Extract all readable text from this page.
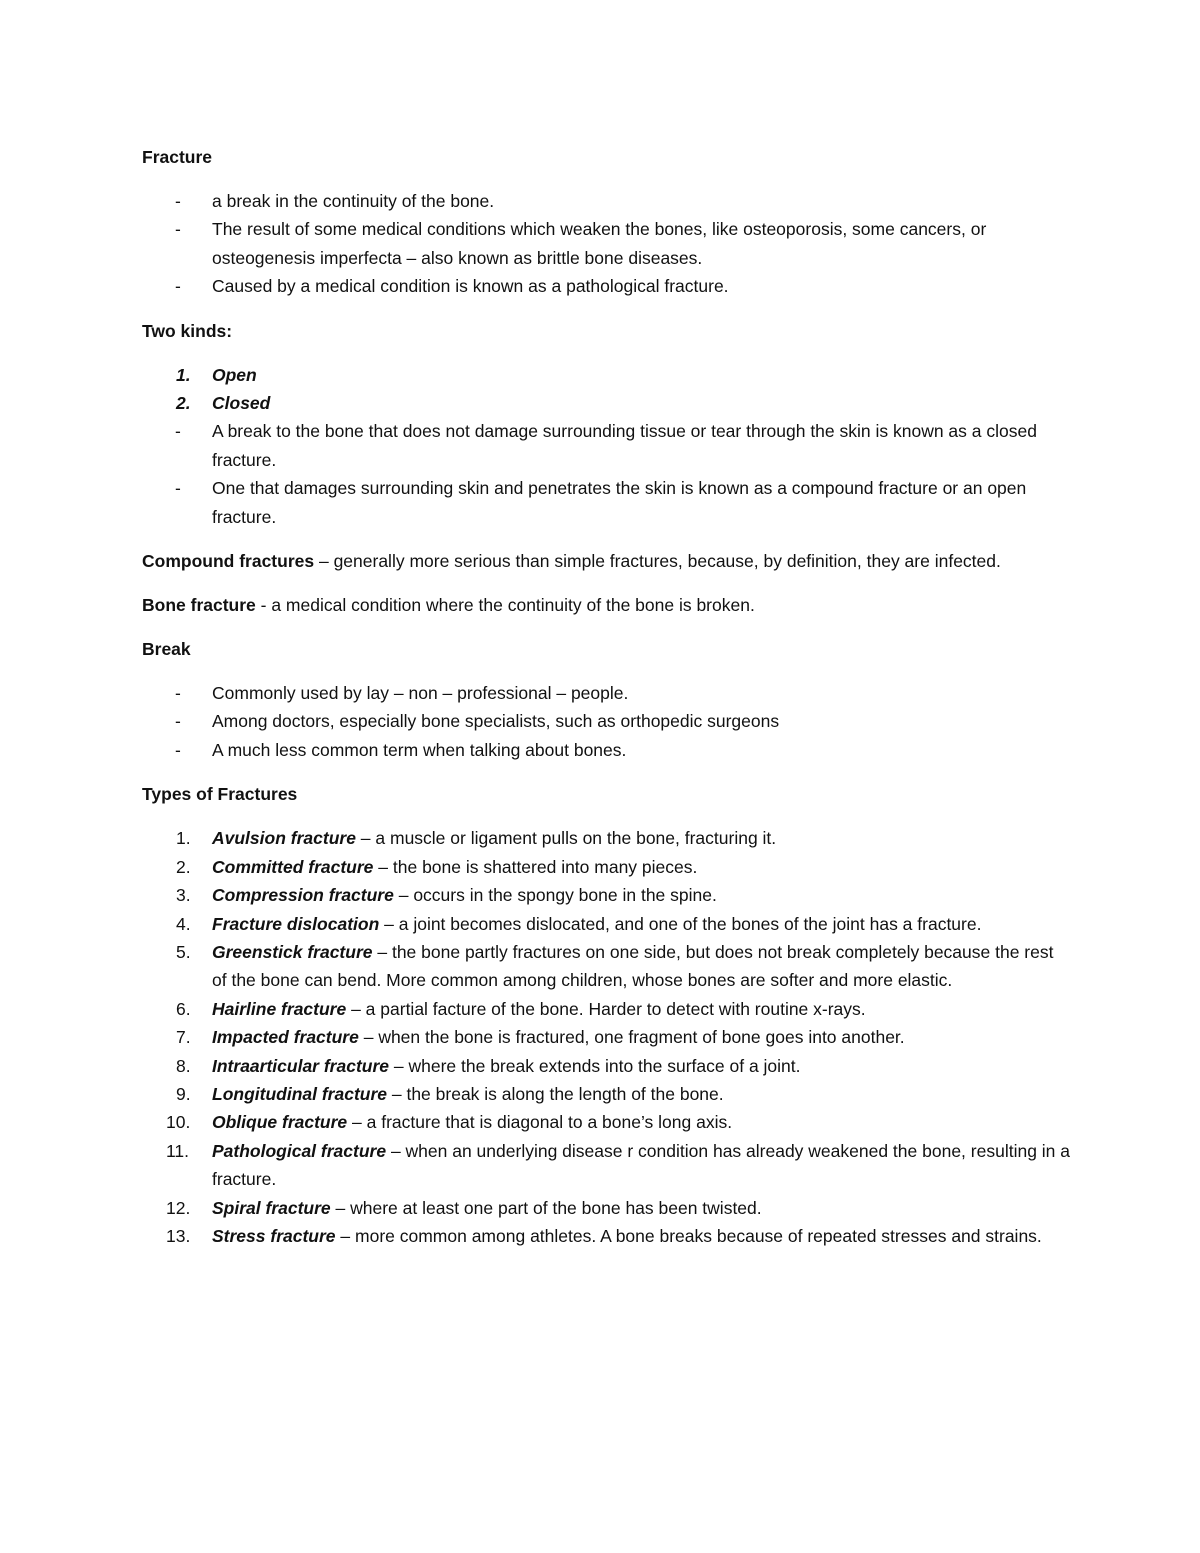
Fracture
- a break in the continuity of the bone.
- The result of some medical conditions which weaken the bones, like osteoporosis, some cancers, or osteogenesis imperfecta – also known as brittle bone diseases.
- Caused by a medical condition is known as a pathological fracture.
Two kinds:
1. Open
2. Closed
- A break to the bone that does not damage surrounding tissue or tear through the skin is known as a closed fracture.
- One that damages surrounding skin and penetrates the skin is known as a compound fracture or an open fracture.
Compound fractures – generally more serious than simple fractures, because, by definition, they are infected.
Bone fracture - a medical condition where the continuity of the bone is broken.
Break
- Commonly used by lay – non – professional – people.
- Among doctors, especially bone specialists, such as orthopedic surgeons
- A much less common term when talking about bones.
Types of Fractures
1. Avulsion fracture – a muscle or ligament pulls on the bone, fracturing it.
2. Committed fracture – the bone is shattered into many pieces.
3. Compression fracture – occurs in the spongy bone in the spine.
4. Fracture dislocation – a joint becomes dislocated, and one of the bones of the joint has a fracture.
5. Greenstick fracture – the bone partly fractures on one side, but does not break completely because the rest of the bone can bend. More common among children, whose bones are softer and more elastic.
6. Hairline fracture – a partial facture of the bone. Harder to detect with routine x-rays.
7. Impacted fracture – when the bone is fractured, one fragment of bone goes into another.
8. Intraarticular fracture – where the break extends into the surface of a joint.
9. Longitudinal fracture – the break is along the length of the bone.
10. Oblique fracture – a fracture that is diagonal to a bone’s long axis.
11. Pathological fracture – when an underlying disease r condition has already weakened the bone, resulting in a fracture.
12. Spiral fracture – where at least one part of the bone has been twisted.
13. Stress fracture – more common among athletes. A bone breaks because of repeated stresses and strains.
